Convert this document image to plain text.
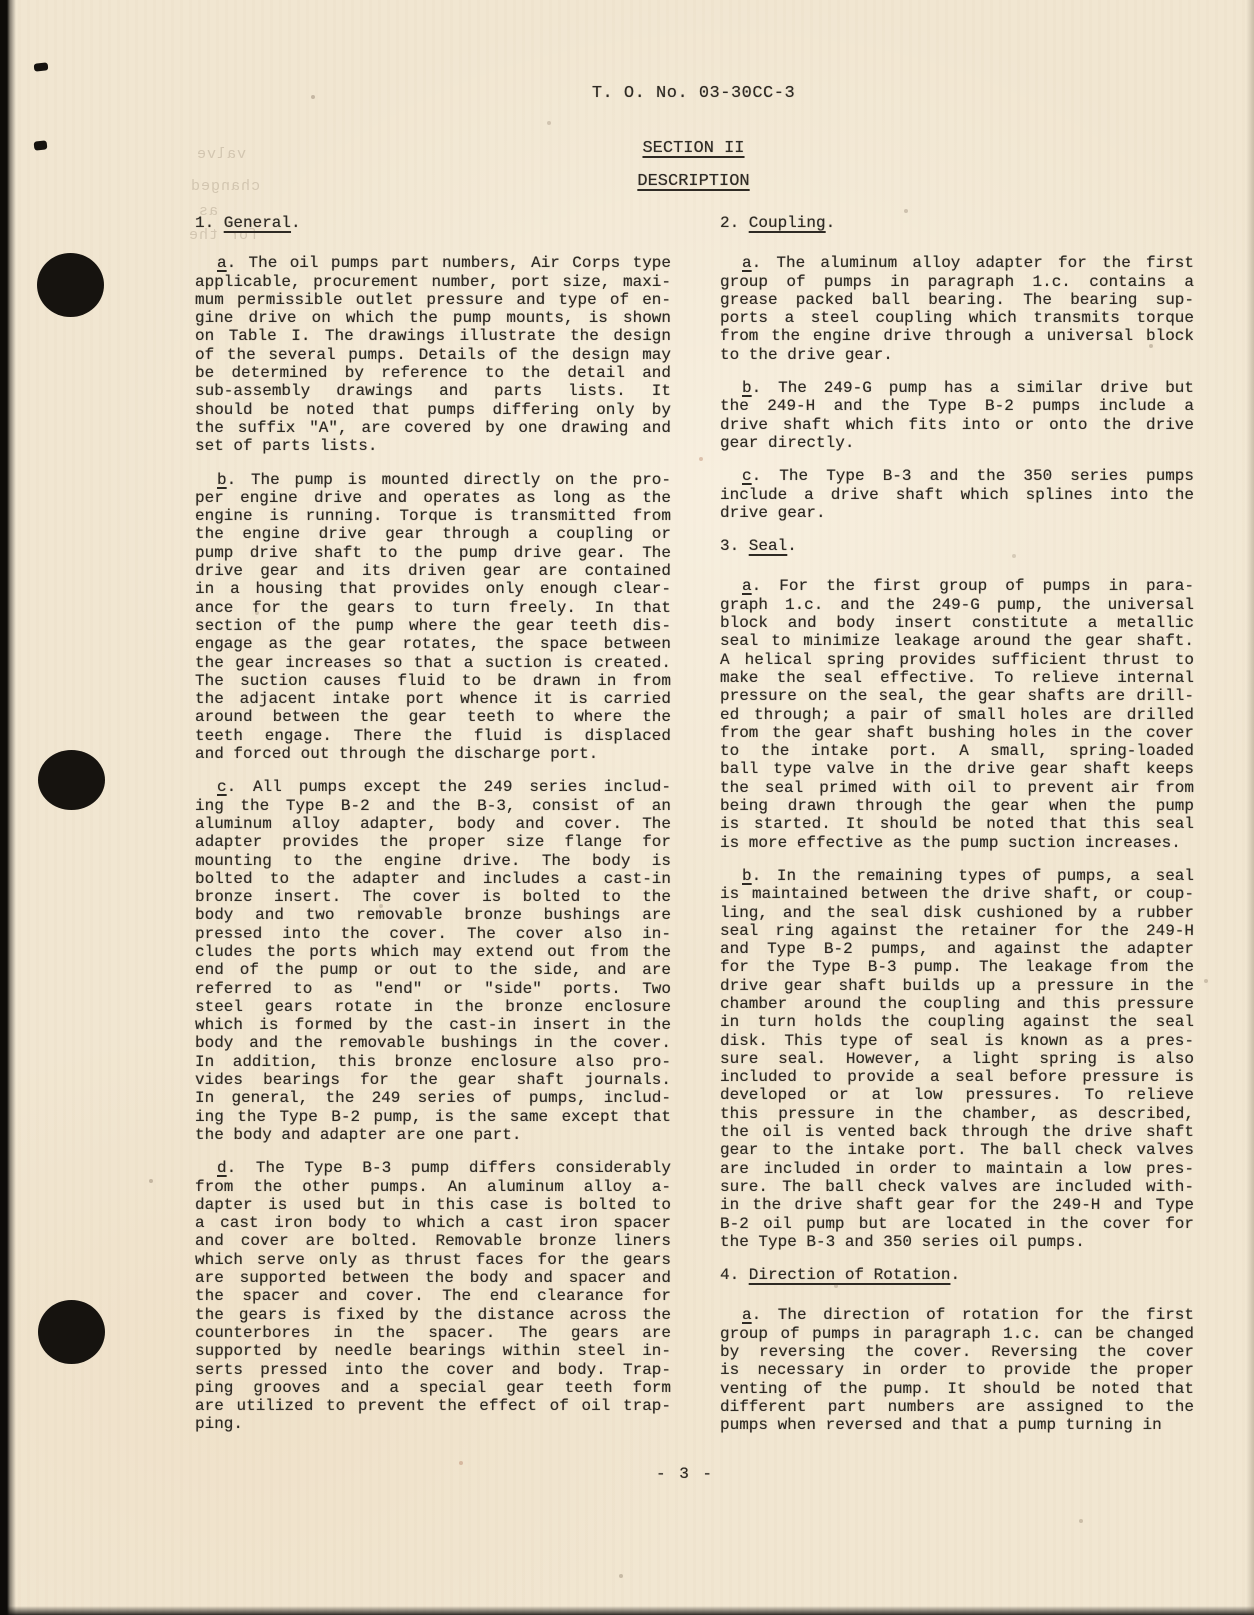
valve
changed
as
for the
T. O. No. 03-30CC-3
SECTION II
DESCRIPTION
1. General.
a. The oil pumps part numbers, Air Corps type
applicable, procurement number, port size, maxi-
mum permissible outlet pressure and type of en-
gine drive on which the pump mounts, is shown
on Table I. The drawings illustrate the design
of the several pumps. Details of the design may
be determined by reference to the detail and
sub-assembly drawings and parts lists. It
should be noted that pumps differing only by
the suffix "A", are covered by one drawing and
set of parts lists.
b. The pump is mounted directly on the pro-
per engine drive and operates as long as the
engine is running. Torque is transmitted from
the engine drive gear through a coupling or
pump drive shaft to the pump drive gear. The
drive gear and its driven gear are contained
in a housing that provides only enough clear-
ance for the gears to turn freely. In that
section of the pump where the gear teeth dis-
engage as the gear rotates, the space between
the gear increases so that a suction is created.
The suction causes fluid to be drawn in from
the adjacent intake port whence it is carried
around between the gear teeth to where the
teeth engage. There the fluid is displaced
and forced out through the discharge port.
c. All pumps except the 249 series includ-
ing the Type B-2 and the B-3, consist of an
aluminum alloy adapter, body and cover. The
adapter provides the proper size flange for
mounting to the engine drive. The body is
bolted to the adapter and includes a cast-in
bronze insert. The cover is bolted to the
body and two removable bronze bushings are
pressed into the cover. The cover also in-
cludes the ports which may extend out from the
end of the pump or out to the side, and are
referred to as "end" or "side" ports. Two
steel gears rotate in the bronze enclosure
which is formed by the cast-in insert in the
body and the removable bushings in the cover.
In addition, this bronze enclosure also pro-
vides bearings for the gear shaft journals.
In general, the 249 series of pumps, includ-
ing the Type B-2 pump, is the same except that
the body and adapter are one part.
d. The Type B-3 pump differs considerably
from the other pumps. An aluminum alloy a-
dapter is used but in this case is bolted to
a cast iron body to which a cast iron spacer
and cover are bolted. Removable bronze liners
which serve only as thrust faces for the gears
are supported between the body and spacer and
the spacer and cover. The end clearance for
the gears is fixed by the distance across the
counterbores in the spacer. The gears are
supported by needle bearings within steel in-
serts pressed into the cover and body. Trap-
ping grooves and a special gear teeth form
are utilized to prevent the effect of oil trap-
ping.
2. Coupling.
a. The aluminum alloy adapter for the first
group of pumps in paragraph 1.c. contains a
grease packed ball bearing. The bearing sup-
ports a steel coupling which transmits torque
from the engine drive through a universal block
to the drive gear.
b. The 249-G pump has a similar drive but
the 249-H and the Type B-2 pumps include a
drive shaft which fits into or onto the drive
gear directly.
c. The Type B-3 and the 350 series pumps
include a drive shaft which splines into the
drive gear.
3. Seal.
a. For the first group of pumps in para-
graph 1.c. and the 249-G pump, the universal
block and body insert constitute a metallic
seal to minimize leakage around the gear shaft.
A helical spring provides sufficient thrust to
make the seal effective. To relieve internal
pressure on the seal, the gear shafts are drill-
ed through; a pair of small holes are drilled
from the gear shaft bushing holes in the cover
to the intake port. A small, spring-loaded
ball type valve in the drive gear shaft keeps
the seal primed with oil to prevent air from
being drawn through the gear when the pump
is started. It should be noted that this seal
is more effective as the pump suction increases.
b. In the remaining types of pumps, a seal
is maintained between the drive shaft, or coup-
ling, and the seal disk cushioned by a rubber
seal ring against the retainer for the 249-H
and Type B-2 pumps, and against the adapter
for the Type B-3 pump. The leakage from the
drive gear shaft builds up a pressure in the
chamber around the coupling and this pressure
in turn holds the coupling against the seal
disk. This type of seal is known as a pres-
sure seal. However, a light spring is also
included to provide a seal before pressure is
developed or at low pressures. To relieve
this pressure in the chamber, as described,
the oil is vented back through the drive shaft
gear to the intake port. The ball check valves
are included in order to maintain a low pres-
sure. The ball check valves are included with-
in the drive shaft gear for the 249-H and Type
B-2 oil pump but are located in the cover for
the Type B-3 and 350 series oil pumps.
4. Direction of Rotation.
a. The direction of rotation for the first
group of pumps in paragraph 1.c. can be changed
by reversing the cover. Reversing the cover
is necessary in order to provide the proper
venting of the pump. It should be noted that
different part numbers are assigned to the
pumps when reversed and that a pump turning in
- 3 -
